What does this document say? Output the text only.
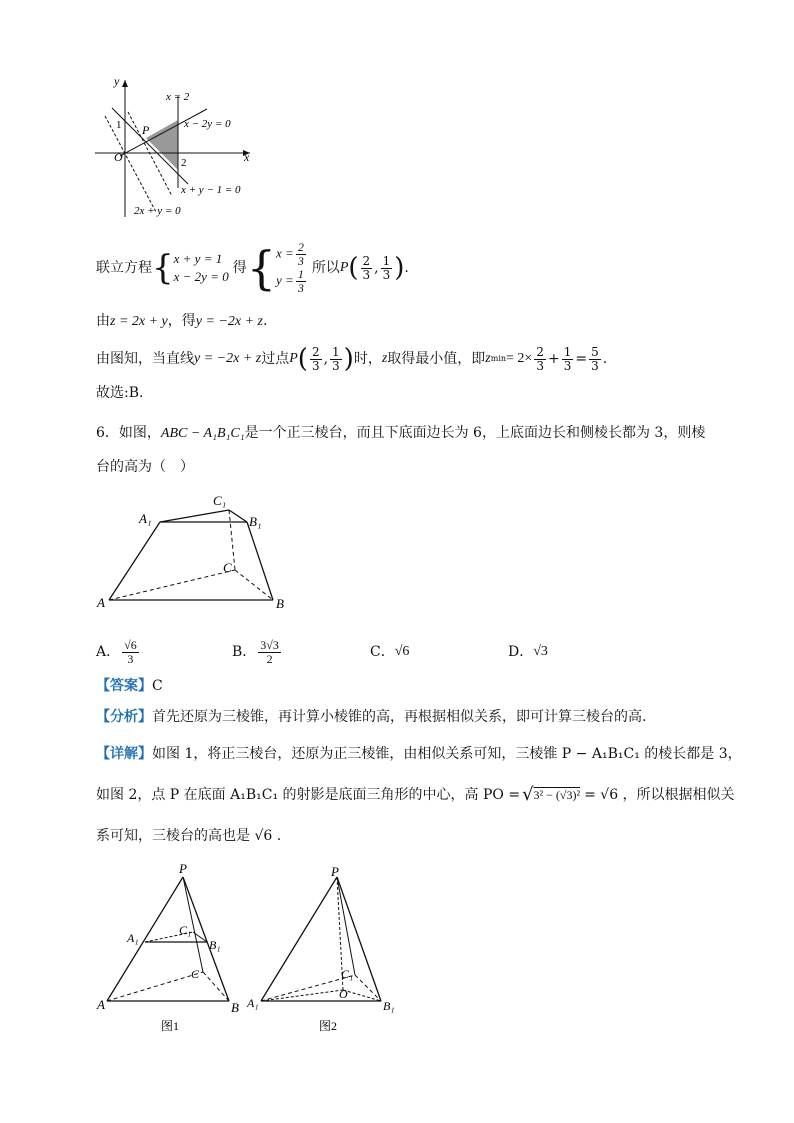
y
x
O
P
1
2
x = 2
x − 2y = 0
x + y − 1 = 0
2x + y = 0
联立方程 { x + y = 1
x − 2y = 0
得 { $x = \frac{2}{3}$
$y = \frac{1}{3}$ 所以 P ( $\frac{2}{3}$ , $\frac{1}{3}$ ) .
由z = 2x + y，得y = −2x + z.
由图知，当直线 y = −2x + z 过点 P ( $\frac{2}{3}$ , $\frac{1}{3}$ ) 时， z 取得最小值，即 z $\min = 2\times \frac{2}{3} + \frac{1}{3} = \frac{5}{3}$ .
故选:B.
6．如图，ABC − A₁B₁C₁是一个正三棱台，而且下底面边长为 6，上底面边长和侧棱长都为 3，则棱
台的高为（　）
A₁
C₁
B₁
C
A	B
A． $\frac{√6}{3}$	B． $\frac{3√3}{2}$	C． √6	D． √3
【答案】C
【分析】首先还原为三棱锥，再计算小棱锥的高，再根据相似关系，即可计算三棱台的高.
【详解】如图 1，将正三棱台，还原为正三棱锥，由相似关系可知，三棱锥 P − A₁B₁C₁ 的棱长都是 3，
如图 2，点 P 在底面 A₁B₁C₁ 的射影是底面三角形的中心，高 PO = √ 3² − (√3)² = √6 ，所以根据相似关
系可知，三棱台的高也是 √6 .
P
A₁
C₁
B₁
C
A	B
图1
P
C₁
O
A₁	B₁
图2
